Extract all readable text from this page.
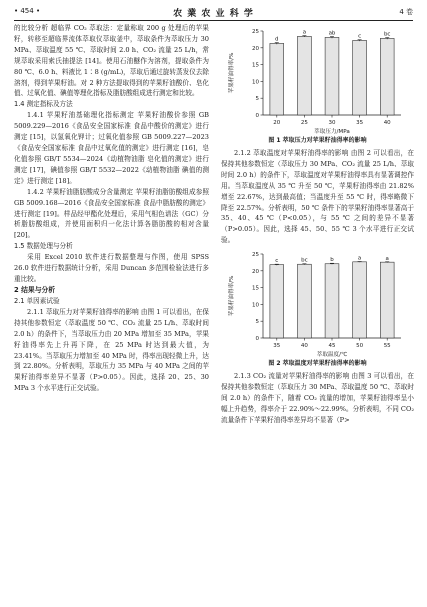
• 454 •	农 業 农 业 科 学	4 卷

的比较分析 超临界 CO₂ 萃取法：定量称取 200 g 处理后的苹果籽，转移至超临界流体萃取仪萃取釜中，萃取条件为萃取压力 30 MPa、萃取温度 55 ℃、萃取时间 2.0 h、CO₂ 流量 25 L/h，常规萃取采用索氏抽提法 [14]。使用石油醚作为溶剂，提取条件为 80 ℃、6.0 h、料液比 1∶8 (g/mL)，萃取后通过旋转蒸发仪去除溶剂，得到苹果籽油。对 2 种方法提取得到的苹果籽油酸价、皂化值、过氧化值、碘值等理化指标及脂肪酸组成进行测定和比较。

1.4 测定指标及方法

1.4.1 苹果籽油基础理化指标测定 苹果籽油酸价参照 GB 5009.229—2016《食品安全国家标准 食品中酸价的测定》进行测定 [15]，以氢氧化钾计；过氧化值参照 GB 5009.227—2023《食品安全国家标准 食品中过氧化值的测定》进行测定 [16]，皂化值参照 GB/T 5534—2024《动植物油脂 皂化值的测定》进行测定 [17]，碘值参照 GB/T 5532—2022《动植物油脂 碘值的测定》进行测定 [18]。

1.4.2 苹果籽油脂肪酸成分含量测定 苹果籽油脂肪酸组成参照 GB 5009.168—2016《食品安全国家标准 食品中脂肪酸的测定》进行测定 [19]。样品经甲酯化处理后，采用气相色谱法（GC）分析脂肪酸组成，并使用面积归一化法计算各脂肪酸的相对含量 [20]。

1.5 数据处理与分析

采用 Excel 2010 软件进行数据整理与作图，使用 SPSS 26.0 软件进行数据统计分析，采用 Duncan 多范围检验法进行多重比较。

2 结果与分析
2.1 单因素试验

2.1.1 萃取压力对苹果籽油得率的影响 由图 1 可以看出，在保持其他参数恒定（萃取温度 50 ℃、CO₂ 流量 25 L/h、萃取时间 2.0 h）的条件下，当萃取压力由 20 MPa 增加至 35 MPa，苹果籽油得率先上升再下降，在 25 MPa 时达到最大值，为 23.41%。当萃取压力增加至 40 MPa 时，得率出现轻微上升，达到 22.80%。分析表明，萃取压力 35 MPa 与 40 MPa 之间的苹果籽油得率差异不显著（P>0.05）。因此，选择 20、25、30 MPa 3 个水平进行正交试验。

0
5
10
15
20
25
d
20
a
25
ab
30
c
35
bc
40
萃取压力/MPa
苹果籽油得率/%
图 1 萃取压力对苹果籽油得率的影响

2.1.2 萃取温度对苹果籽油得率的影响 由图 2 可以看出，在保持其他参数恒定（萃取压力 30 MPa、CO₂ 流量 25 L/h、萃取时间 2.0 h）的条件下，萃取温度对苹果籽油得率具有显著调控作用。当萃取温度从 35 ℃ 升至 50 ℃，苹果籽油得率由 21.82% 增至 22.67%，达到最高值；当温度升至 55 ℃ 时，得率略微下降至 22.57%。分析表明，50 ℃ 条件下的苹果籽油得率显著高于 35、40、45 ℃（P<0.05），与 55 ℃ 之间的差异不显著（P>0.05）。因此，选择 45、50、55 ℃ 3 个水平进行正交试验。

0
5
10
15
20
25
c
35
bc
40
b
45
a
50
a
55
萃取温度/℃
苹果籽油得率/%
图 2 萃取温度对苹果籽油得率的影响

2.1.3 CO₂ 流量对苹果籽油得率的影响 由图 3 可以看出，在保持其他参数恒定（萃取压力 30 MPa、萃取温度 50 ℃、萃取时间 2.0 h）的条件下，随着 CO₂ 流量的增加，苹果籽油得率呈小幅上升趋势，得率介于 22.90%～22.99%。分析表明，不同 CO₂ 流量条件下苹果籽油得率差异均不显著（P>
